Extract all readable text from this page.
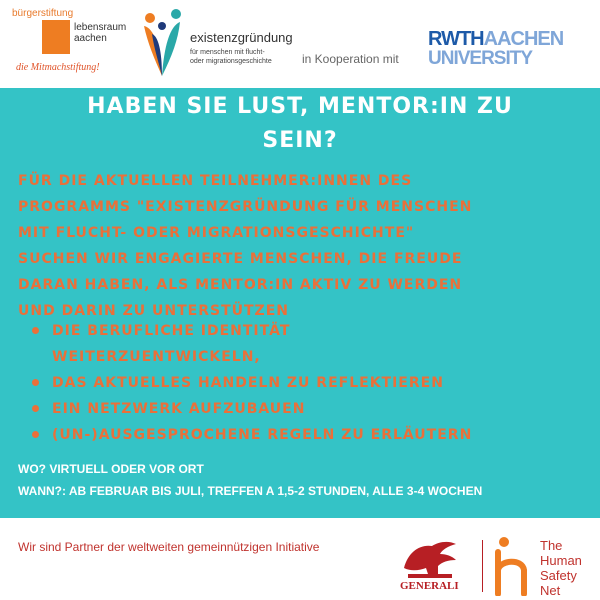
bürgerstiftung
lebensraum
aachen
die Mitmachstiftung!
existenzgründung
für menschen mit flucht-
oder migrationsgeschichte	in Kooperation mit
RWTHAACHEN
UNIVERSITY
HABEN SIE LUST, MENTOR:IN ZU
SEIN?
FÜR DIE AKTUELLEN TEILNEHMER:INNEN DES
PROGRAMMS "EXISTENZGRÜNDUNG FÜR MENSCHEN
MIT FLUCHT- ODER MIGRATIONSGESCHICHTE"
SUCHEN WIR ENGAGIERTE MENSCHEN, DIE FREUDE
DARAN HABEN, ALS MENTOR:IN AKTIV ZU WERDEN
UND DARIN ZU UNTERSTÜTZEN
DIE BERUFLICHE IDENTITÄT
WEITERZUENTWICKELN,
DAS AKTUELLES HANDELN ZU REFLEKTIEREN
EIN NETZWERK AUFZUBAUEN
(UN-)AUSGESPROCHENE REGELN ZU ERLÄUTERN
WO? VIRTUELL ODER VOR ORT
WANN?: AB FEBRUAR BIS JULI, TREFFEN A 1,5-2 STUNDEN, ALLE 3-4 WOCHEN
Wir sind Partner der weltweiten gemeinnützigen Initiative
GENERALI
The
Human
Safety
Net
